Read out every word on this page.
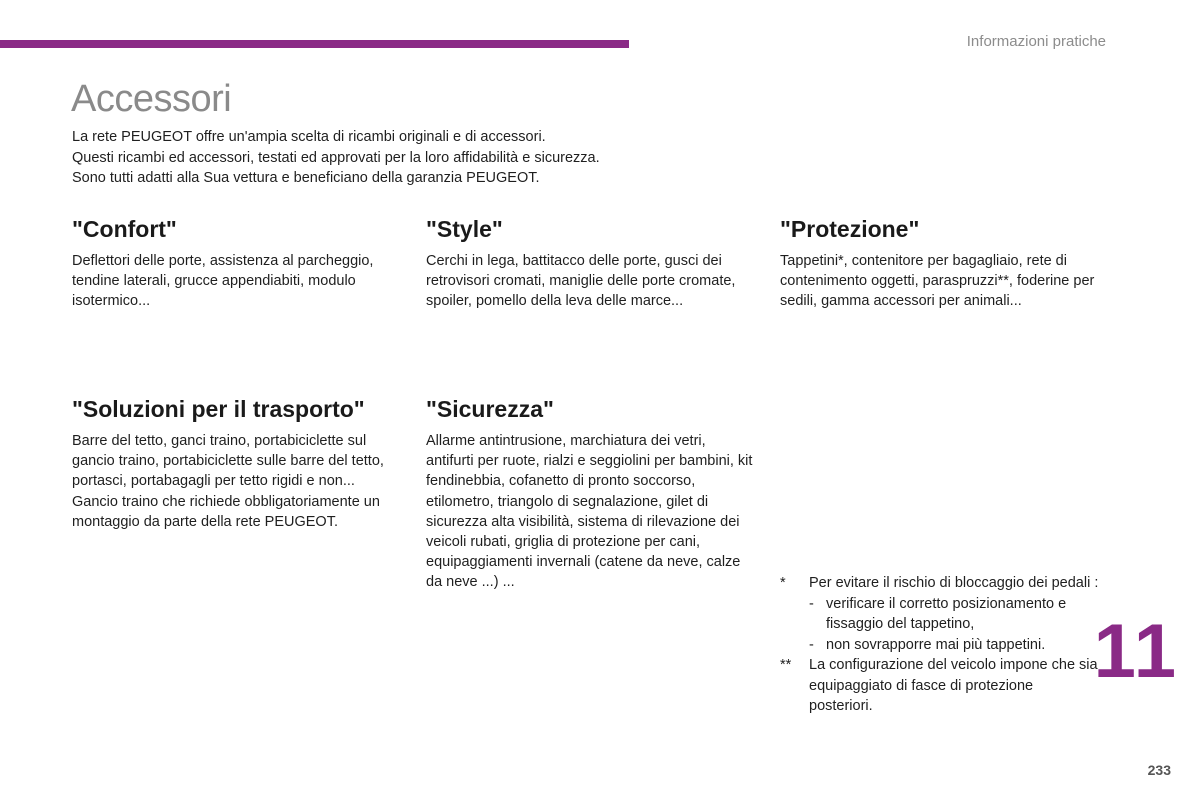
Informazioni pratiche
Accessori
La rete PEUGEOT offre un'ampia scelta di ricambi originali e di accessori.
Questi ricambi ed accessori, testati ed approvati per la loro affidabilità e sicurezza.
Sono tutti adatti alla Sua vettura e beneficiano della garanzia PEUGEOT.
"Confort"

Deflettori delle porte, assistenza al parcheggio, tendine laterali, grucce appendiabiti, modulo isotermico...

"Style"

Cerchi in lega, battitacco delle porte, gusci dei retrovisori cromati, maniglie delle porte cromate, spoiler, pomello della leva delle marce...

"Protezione"

Tappetini*, contenitore per bagagliaio, rete di contenimento oggetti, paraspruzzi**, foderine per sedili, gamma accessori per animali...

"Soluzioni per il trasporto"

Barre del tetto, ganci traino, portabiciclette sul gancio traino, portabiciclette sulle barre del tetto, portasci, portabagagli per tetto rigidi e non...

Gancio traino che richiede obbligatoriamente un montaggio da parte della rete PEUGEOT.

"Sicurezza"

Allarme antintrusione, marchiatura dei vetri, antifurti per ruote, rialzi e seggiolini per bambini, kit fendinebbia, cofanetto di pronto soccorso, etilometro, triangolo di segnalazione, gilet di sicurezza alta visibilità, sistema di rilevazione dei veicoli rubati, griglia di protezione per cani, equipaggiamenti invernali (catene da neve, calze da neve ...) ...	*	Per evitare il rischio di bloccaggio dei pedali :
- verificare il corretto posizionamento e fissaggio del tappetino,
- non sovrapporre mai più tappetini.
**	La configurazione del veicolo impone che sia equipaggiato di fasce di protezione posteriori.
11
233
